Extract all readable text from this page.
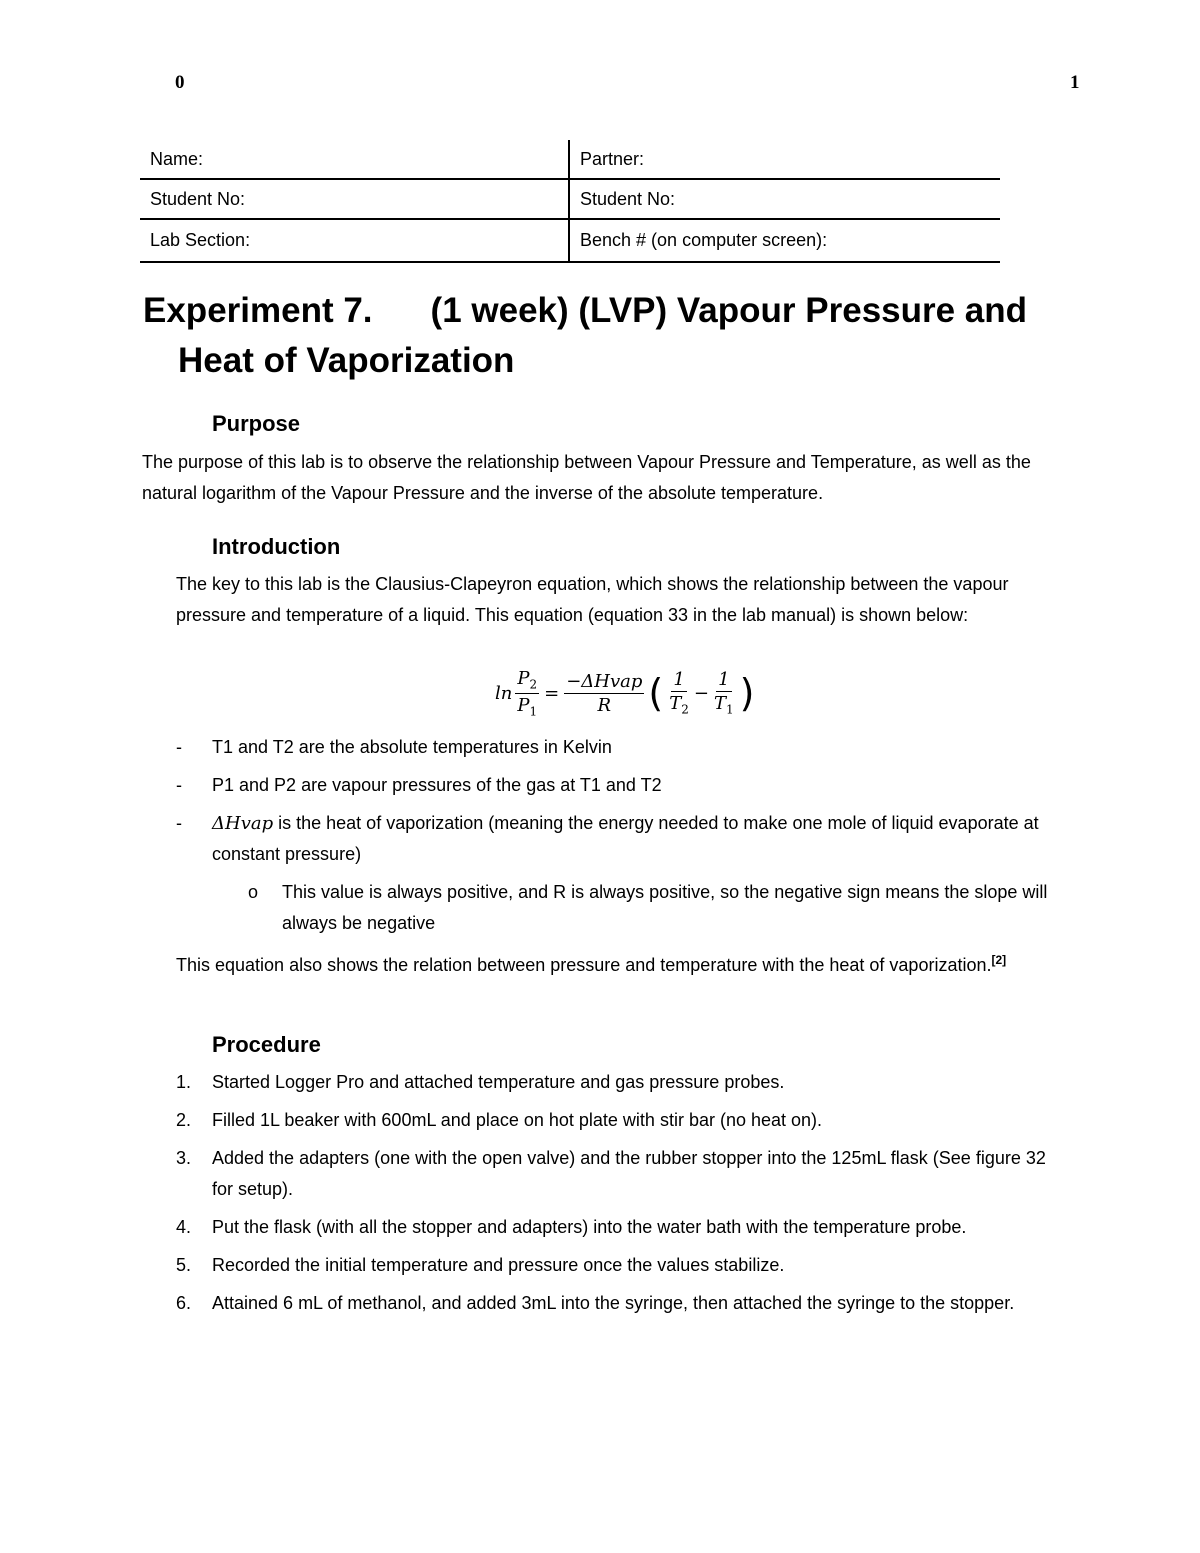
0	1
Name:	Partner:
Student No:	Student No:
Lab Section:	Bench # (on computer screen):
Experiment 7. (1 week) (LVP) Vapour Pressure and
Heat of Vaporization
Purpose

The purpose of this lab is to observe the relationship between Vapour Pressure and Temperature, as well as the natural logarithm of the Vapour Pressure and the inverse of the absolute temperature.

Introduction

The key to this lab is the Clausius-Clapeyron equation, which shows the relationship between the vapour pressure and temperature of a liquid. This equation (equation 33 in the lab manual) is shown below:

$\ln \frac{P_2}{P_1} = \frac{\text{−ΔHvap}}{R}$ ( $\frac{1}{T_2} - \frac{1}{T_1}$ )
- T1 and T2 are the absolute temperatures in Kelvin
- P1 and P2 are vapour pressures of the gas at T1 and T2
- ΔHvap is the heat of vaporization (meaning the energy needed to make one mole of liquid evaporate at constant pressure)
o This value is always positive, and R is always positive, so the negative sign means the slope will always be negative

This equation also shows the relation between pressure and temperature with the heat of vaporization.[2]

Procedure
1. Started Logger Pro and attached temperature and gas pressure probes.
2. Filled 1L beaker with 600mL and place on hot plate with stir bar (no heat on).
3. Added the adapters (one with the open valve) and the rubber stopper into the 125mL flask (See figure 32 for setup).
4. Put the flask (with all the stopper and adapters) into the water bath with the temperature probe.
5. Recorded the initial temperature and pressure once the values stabilize.
6. Attained 6 mL of methanol, and added 3mL into the syringe, then attached the syringe to the stopper.
